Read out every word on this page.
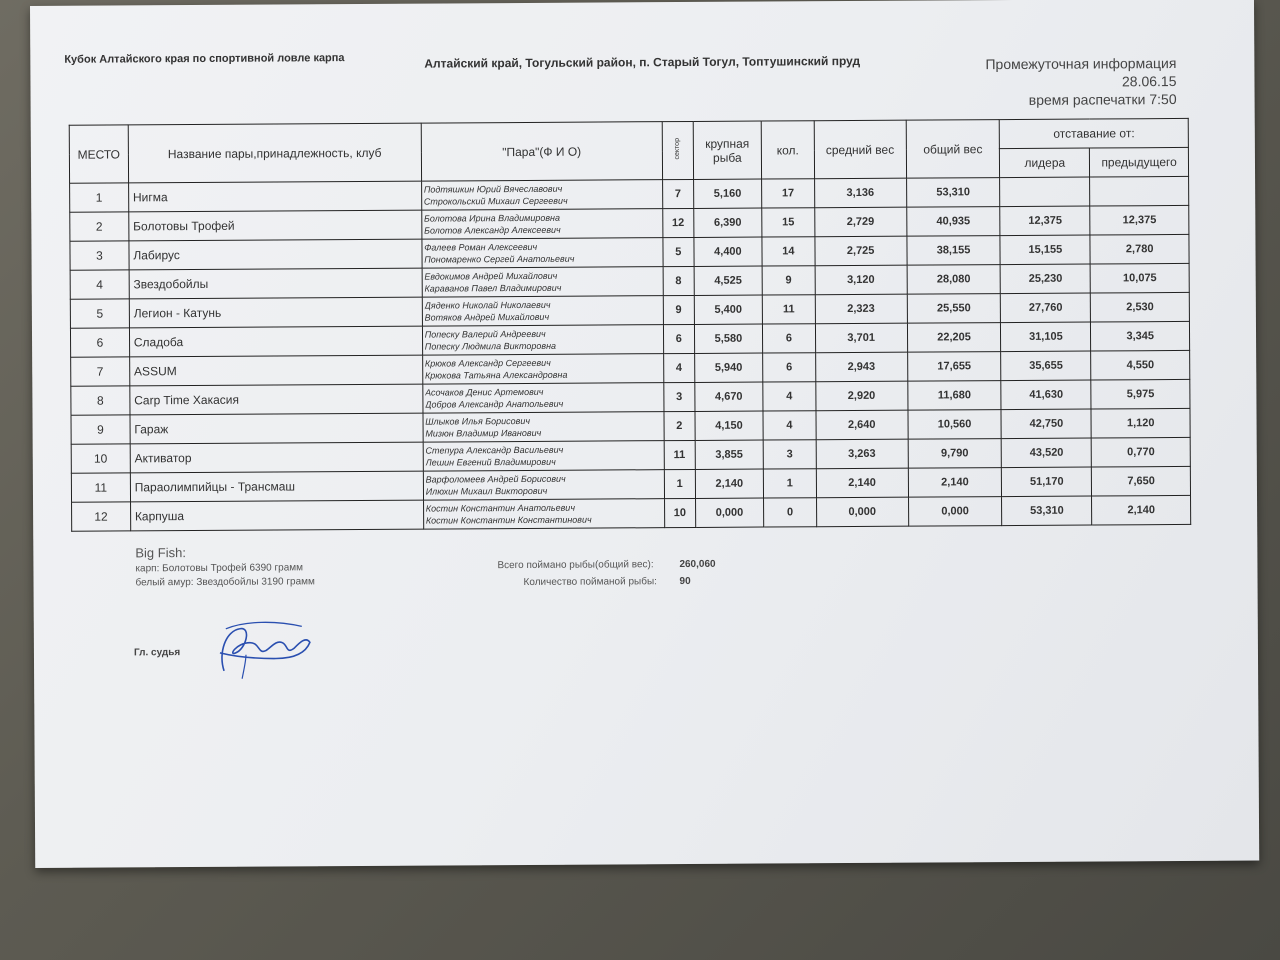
Кубок Алтайского края по спортивной ловле карпа	Алтайский край, Тогульский район, п. Старый Тогул, Топтушинский пруд	Промежуточная информация
28.06.15
время распечатки 7:50
МЕСТО	Название пары,принадлежность, клуб	"Пара"(Ф И О)	сектор	крупная рыба	кол.	средний вес	общий вес	отставание от:	
								лидера	предыдущего
1	Нигма	Подтяшкин Юрий Вячеславович
Строкольский Михаил Сергеевич	7	5,160	17	3,136	53,310		
2	Болотовы Трофей	Болотова Ирина Владимировна
Болотов Александр Алексеевич	12	6,390	15	2,729	40,935	12,375	12,375
3	Лабирус	Фалеев Роман Алексеевич
Пономаренко Сергей Анатольевич	5	4,400	14	2,725	38,155	15,155	2,780
4	Звездобойлы	Евдокимов Андрей Михайлович
Караванов Павел Владимирович	8	4,525	9	3,120	28,080	25,230	10,075
5	Легион - Катунь	Дяденко Николай Николаевич
Вотяков Андрей Михайлович	9	5,400	11	2,323	25,550	27,760	2,530
6	Сладоба	Попеску Валерий Андреевич
Попеску Людмила Викторовна	6	5,580	6	3,701	22,205	31,105	3,345
7	ASSUM	Крюков Александр Сергеевич
Крюкова Татьяна Александровна	4	5,940	6	2,943	17,655	35,655	4,550
8	Carp Time Хакасия	Асочаков Денис Артемович
Добров Александр Анатольевич	3	4,670	4	2,920	11,680	41,630	5,975
9	Гараж	Шлыков Илья Борисович
Мизюн Владимир Иванович	2	4,150	4	2,640	10,560	42,750	1,120
10	Активатор	Степура Александр Васильевич
Лешин Евгений Владимирович	11	3,855	3	3,263	9,790	43,520	0,770
11	Параолимпийцы - Трансмаш	Варфоломеев Андрей Борисович
Илюхин Михаил Викторович	1	2,140	1	2,140	2,140	51,170	7,650
12	Карпуша	Костин Константин Анатольевич
Костин Константин Константинович	10	0,000	0	0,000	0,000	53,310	2,140
Big Fish:
карп: Болотовы Трофей 6390 грамм
белый амур: Звездобойлы 3190 грамм
Всего поймано рыбы(общий вес):	260,060
Количество поймaной рыбы: 90
Гл. судья
